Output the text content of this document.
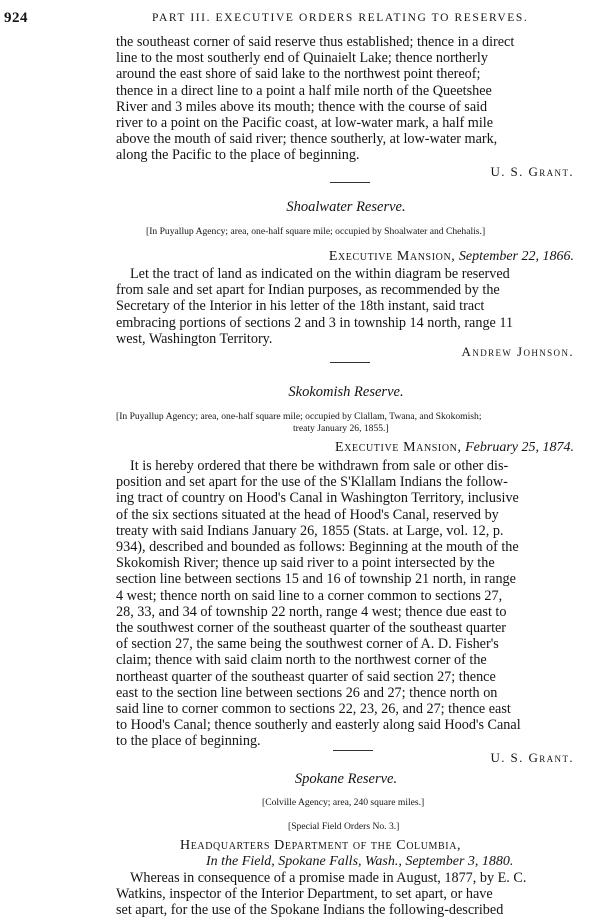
924	PART III. EXECUTIVE ORDERS RELATING TO RESERVES.
the southeast corner of said reserve thus established; thence in a direct
line to the most southerly end of Quinaielt Lake; thence northerly
around the east shore of said lake to the northwest point thereof;
thence in a direct line to a point a half mile north of the Queetshee
River and 3 miles above its mouth; thence with the course of said
river to a point on the Pacific coast, at low-water mark, a half mile
above the mouth of said river; thence southerly, at low-water mark,
along the Pacific to the place of beginning.
U. S. Grant.
Shoalwater Reserve.
[In Puyallup Agency; area, one-half square mile; occupied by Shoalwater and Chehalis.]
Executive Mansion, September 22, 1866.
Let the tract of land as indicated on the within diagram be reserved
from sale and set apart for Indian purposes, as recommended by the
Secretary of the Interior in his letter of the 18th instant, said tract
embracing portions of sections 2 and 3 in township 14 north, range 11
west, Washington Territory.
Andrew Johnson.
Skokomish Reserve.
[In Puyallup Agency; area, one-half square mile; occupied by Clallam, Twana, and Skokomish;
treaty January 26, 1855.]
Executive Mansion, February 25, 1874.
It is hereby ordered that there be withdrawn from sale or other dis-
position and set apart for the use of the S'Klallam Indians the follow-
ing tract of country on Hood's Canal in Washington Territory, inclusive
of the six sections situated at the head of Hood's Canal, reserved by
treaty with said Indians January 26, 1855 (Stats. at Large, vol. 12, p.
934), described and bounded as follows: Beginning at the mouth of the
Skokomish River; thence up said river to a point intersected by the
section line between sections 15 and 16 of township 21 north, in range
4 west; thence north on said line to a corner common to sections 27,
28, 33, and 34 of township 22 north, range 4 west; thence due east to
the southwest corner of the southeast quarter of the southeast quarter
of section 27, the same being the southwest corner of A. D. Fisher's
claim; thence with said claim north to the northwest corner of the
northeast quarter of the southeast quarter of said section 27; thence
east to the section line between sections 26 and 27; thence north on
said line to corner common to sections 22, 23, 26, and 27; thence east
to Hood's Canal; thence southerly and easterly along said Hood's Canal
to the place of beginning.
U. S. Grant.
Spokane Reserve.
[Colville Agency; area, 240 square miles.]
[Special Field Orders No. 3.]
Headquarters Department of the Columbia,
In the Field, Spokane Falls, Wash., September 3, 1880.
Whereas in consequence of a promise made in August, 1877, by E. C.
Watkins, inspector of the Interior Department, to set apart, or have
set apart, for the use of the Spokane Indians the following-described
